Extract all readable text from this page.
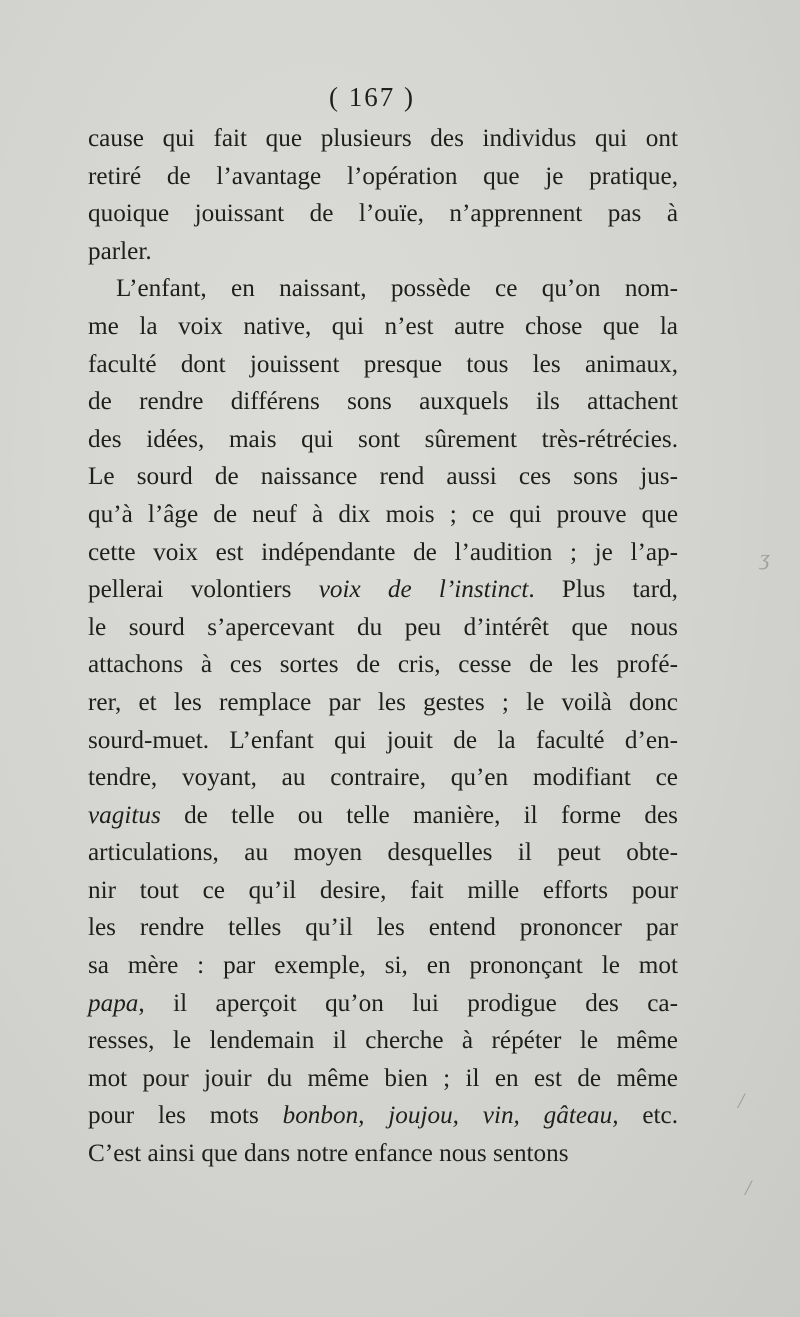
ʒ
/
/
( 167 )
cause qui fait que plusieurs des individus qui ont
retiré de l’avantage l’opération que je pratique,
quoique jouissant de l’ouïe, n’apprennent pas à
parler.
L’enfant, en naissant, possède ce qu’on nom-
me la voix native, qui n’est autre chose que la
faculté dont jouissent presque tous les animaux,
de rendre différens sons auxquels ils attachent
des idées, mais qui sont sûrement très-rétrécies.
Le sourd de naissance rend aussi ces sons jus-
qu’à l’âge de neuf à dix mois ; ce qui prouve que
cette voix est indépendante de l’audition ; je l’ap-
pellerai volontiers voix de l’instinct. Plus tard,
le sourd s’apercevant du peu d’intérêt que nous
attachons à ces sortes de cris, cesse de les profé-
rer, et les remplace par les gestes ; le voilà donc
sourd-muet. L’enfant qui jouit de la faculté d’en-
tendre, voyant, au contraire, qu’en modifiant ce
vagitus de telle ou telle manière, il forme des
articulations, au moyen desquelles il peut obte-
nir tout ce qu’il desire, fait mille efforts pour
les rendre telles qu’il les entend prononcer par
sa mère : par exemple, si, en prononçant le mot
papa, il aperçoit qu’on lui prodigue des ca-
resses, le lendemain il cherche à répéter le même
mot pour jouir du même bien ; il en est de même
pour les mots bonbon, joujou, vin, gâteau, etc.
C’est ainsi que dans notre enfance nous sentons
